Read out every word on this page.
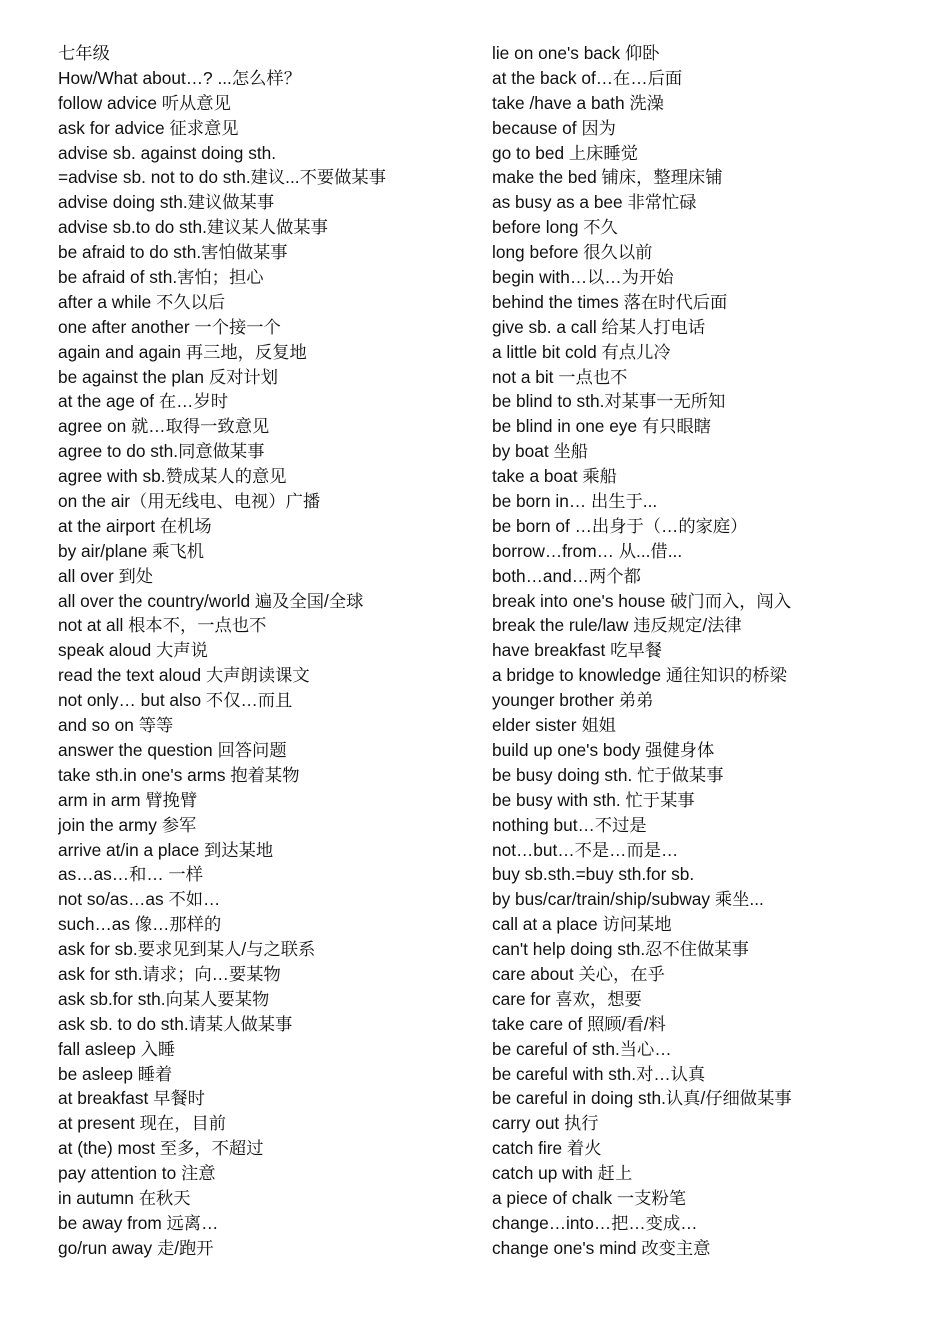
七年级
How/What about…? ...怎么样？
follow advice 听从意见
ask for advice 征求意见
advise sb. against doing sth.
=advise sb. not to do sth.建议...不要做某事
advise doing sth.建议做某事
advise sb.to do sth.建议某人做某事
be afraid to do sth.害怕做某事
be afraid of sth.害怕；担心
after a while 不久以后
one after another 一个接一个
again and again 再三地，反复地
be against the plan 反对计划
at the age of 在…岁时
agree on 就…取得一致意见
agree to do sth.同意做某事
agree with sb.赞成某人的意见
on the air（用无线电、电视）广播
at the airport 在机场
by air/plane 乘飞机
all over 到处
all over the country/world 遍及全国/全球
not at all 根本不，一点也不
speak aloud 大声说
read the text aloud 大声朗读课文
not only… but also 不仅…而且
and so on 等等
answer the question 回答问题
take sth.in one's arms 抱着某物
arm in arm 臂挽臂
join the army 参军
arrive at/in a place 到达某地
as…as…和… 一样
not so/as…as 不如…
such…as 像…那样的
ask for sb.要求见到某人/与之联系
ask for sth.请求；向…要某物
ask sb.for sth.向某人要某物
ask sb. to do sth.请某人做某事
fall asleep 入睡
be asleep 睡着
at breakfast 早餐时
at present 现在，目前
at (the) most 至多，不超过
pay attention to 注意
in autumn 在秋天
be away from 远离…
go/run away 走/跑开
lie on one's back 仰卧
at the back of…在…后面
take /have a bath 洗澡
because of 因为
go to bed 上床睡觉
make the bed 铺床，整理床铺
as busy as a bee 非常忙碌
before long 不久
long before 很久以前
begin with…以…为开始
behind the times 落在时代后面
give sb. a call 给某人打电话
a little bit cold 有点儿冷
not a bit 一点也不
be blind to sth.对某事一无所知
be blind in one eye 有只眼瞎
by boat 坐船
take a boat 乘船
be born in… 出生于...
be born of …出身于（…的家庭）
borrow…from… 从...借...
both…and…两个都
break into one's house 破门而入，闯入
break the rule/law 违反规定/法律
have breakfast 吃早餐
a bridge to knowledge 通往知识的桥梁
younger brother 弟弟
elder sister 姐姐
build up one's body 强健身体
be busy doing sth. 忙于做某事
be busy with sth. 忙于某事
nothing but…不过是
not…but…不是…而是…
buy sb.sth.=buy sth.for sb.
by bus/car/train/ship/subway 乘坐...
call at a place 访问某地
can't help doing sth.忍不住做某事
care about 关心，在乎
care for 喜欢，想要
take care of 照顾/看/料
be careful of sth.当心…
be careful with sth.对…认真
be careful in doing sth.认真/仔细做某事
carry out 执行
catch fire 着火
catch up with 赶上
a piece of chalk 一支粉笔
change…into…把…变成…
change one's mind 改变主意
